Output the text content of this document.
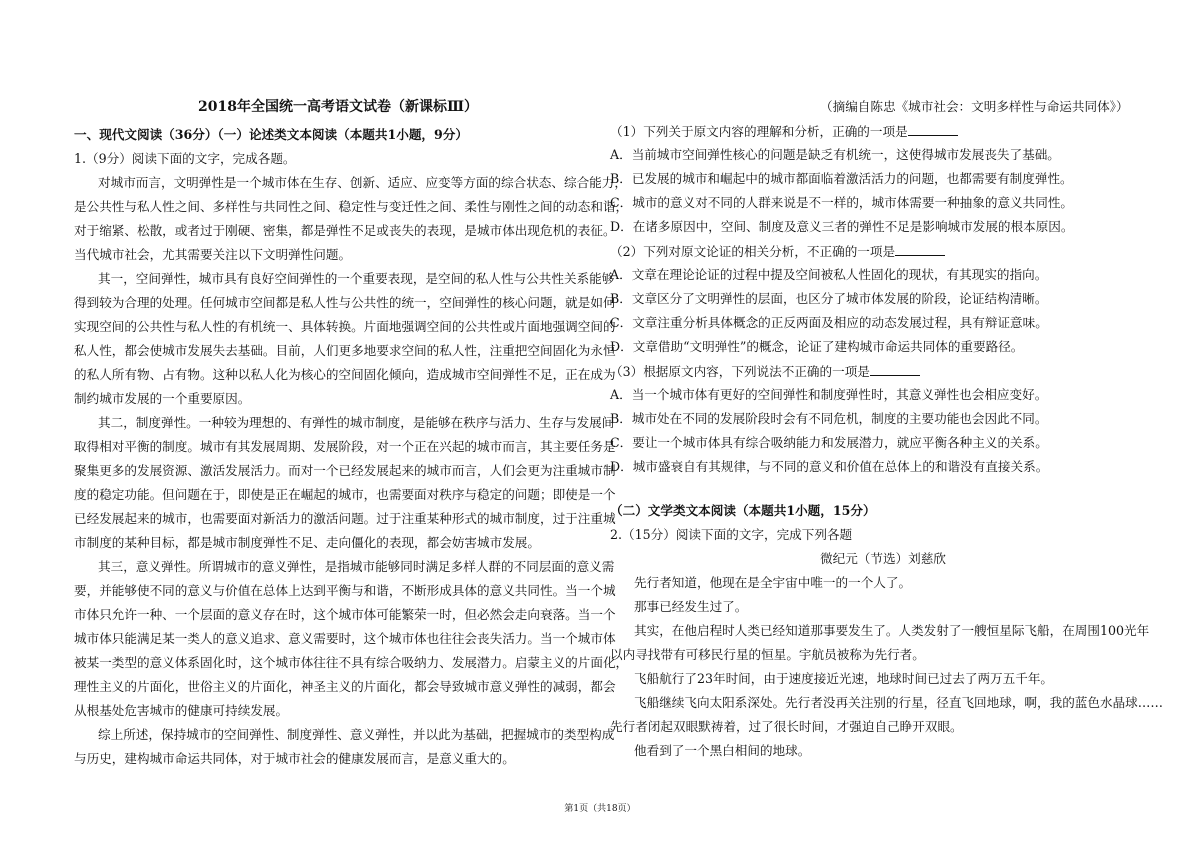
2018年全国统一高考语文试卷（新课标Ⅲ）
一、现代文阅读（36分）（一）论述类文本阅读（本题共1小题，9分）
1.（9分）阅读下面的文字，完成各题。
对城市而言，文明弹性是一个城市体在生存、创新、适应、应变等方面的综合状态、综合能力，
是公共性与私人性之间、多样性与共同性之间、稳定性与变迁性之间、柔性与刚性之间的动态和谐，
对于缩紧、松散，或者过于刚硬、密集，都是弹性不足或丧失的表现，是城市体出现危机的表征。
当代城市社会，尤其需要关注以下文明弹性问题。
其一，空间弹性，城市具有良好空间弹性的一个重要表现，是空间的私人性与公共性关系能够
得到较为合理的处理。任何城市空间都是私人性与公共性的统一，空间弹性的核心问题，就是如何
实现空间的公共性与私人性的有机统一、具体转换。片面地强调空间的公共性或片面地强调空间的
私人性，都会使城市发展失去基础。目前，人们更多地要求空间的私人性，注重把空间固化为永恒
的私人所有物、占有物。这种以私人化为核心的空间固化倾向，造成城市空间弹性不足，正在成为
制约城市发展的一个重要原因。
其二，制度弹性。一种较为理想的、有弹性的城市制度，是能够在秩序与活力、生存与发展间
取得相对平衡的制度。城市有其发展周期、发展阶段，对一个正在兴起的城市而言，其主要任务是
聚集更多的发展资源、激活发展活力。而对一个已经发展起来的城市而言，人们会更为注重城市制
度的稳定功能。但问题在于，即使是正在崛起的城市，也需要面对秩序与稳定的问题；即使是一个
已经发展起来的城市，也需要面对新活力的激活问题。过于注重某种形式的城市制度，过于注重城
市制度的某种目标，都是城市制度弹性不足、走向僵化的表现，都会妨害城市发展。
其三，意义弹性。所谓城市的意义弹性，是指城市能够同时满足多样人群的不同层面的意义需
要，并能够使不同的意义与价值在总体上达到平衡与和谐，不断形成具体的意义共同性。当一个城
市体只允许一种、一个层面的意义存在时，这个城市体可能繁荣一时，但必然会走向衰落。当一个
城市体只能满足某一类人的意义追求、意义需要时，这个城市体也往往会丧失活力。当一个城市体
被某一类型的意义体系固化时，这个城市体往往不具有综合吸纳力、发展潜力。启蒙主义的片面化，
理性主义的片面化，世俗主义的片面化，神圣主义的片面化，都会导致城市意义弹性的减弱，都会
从根基处危害城市的健康可持续发展。
综上所述，保持城市的空间弹性、制度弹性、意义弹性，并以此为基础，把握城市的类型构成
与历史，建构城市命运共同体，对于城市社会的健康发展而言，是意义重大的。
（摘编自陈忠《城市社会：文明多样性与命运共同体》）
（1）下列关于原文内容的理解和分析，正确的一项是
A．当前城市空间弹性核心的问题是缺乏有机统一，这使得城市发展丧失了基础。
B．已发展的城市和崛起中的城市都面临着激活活力的问题，也都需要有制度弹性。
C．城市的意义对不同的人群来说是不一样的，城市体需要一种抽象的意义共同性。
D．在诸多原因中，空间、制度及意义三者的弹性不足是影响城市发展的根本原因。
（2）下列对原文论证的相关分析，不正确的一项是
A．文章在理论论证的过程中提及空间被私人性固化的现状，有其现实的指向。
B．文章区分了文明弹性的层面，也区分了城市体发展的阶段，论证结构清晰。
C．文章注重分析具体概念的正反两面及相应的动态发展过程，具有辩证意味。
D．文章借助“文明弹性”的概念，论证了建构城市命运共同体的重要路径。
（3）根据原文内容，下列说法不正确的一项是
A．当一个城市体有更好的空间弹性和制度弹性时，其意义弹性也会相应变好。
B．城市处在不同的发展阶段时会有不同危机，制度的主要功能也会因此不同。
C．要让一个城市体具有综合吸纳能力和发展潜力，就应平衡各种主义的关系。
D．城市盛衰自有其规律，与不同的意义和价值在总体上的和谐没有直接关系。
（二）文学类文本阅读（本题共1小题，15分）
2.（15分）阅读下面的文字，完成下列各题
微纪元（节选）刘慈欣
先行者知道，他现在是全宇宙中唯一的一个人了。
那事已经发生过了。
其实，在他启程时人类已经知道那事要发生了。人类发射了一艘恒星际飞船，在周围100光年
以内寻找带有可移民行星的恒星。宇航员被称为先行者。
飞船航行了23年时间，由于速度接近光速，地球时间已过去了两万五千年。
飞船继续飞向太阳系深处。先行者没再关注别的行星，径直飞回地球，啊，我的蓝色水晶球……
先行者闭起双眼默祷着，过了很长时间，才强迫自己睁开双眼。
他看到了一个黑白相间的地球。
第1页（共18页）
